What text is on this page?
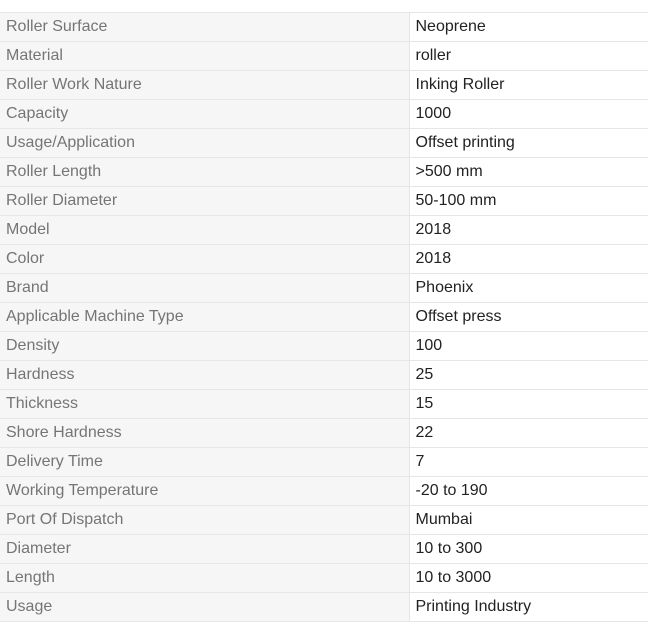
Roller Surface	Neoprene
Material	roller
Roller Work Nature	Inking Roller
Capacity	1000
Usage/Application	Offset printing
Roller Length	>500 mm
Roller Diameter	50-100 mm
Model	2018
Color	2018
Brand	Phoenix
Applicable Machine Type	Offset press
Density	100
Hardness	25
Thickness	15
Shore Hardness	22
Delivery Time	7
Working Temperature	-20 to 190
Port Of Dispatch	Mumbai
Diameter	10 to 300
Length	10 to 3000
Usage	Printing Industry
